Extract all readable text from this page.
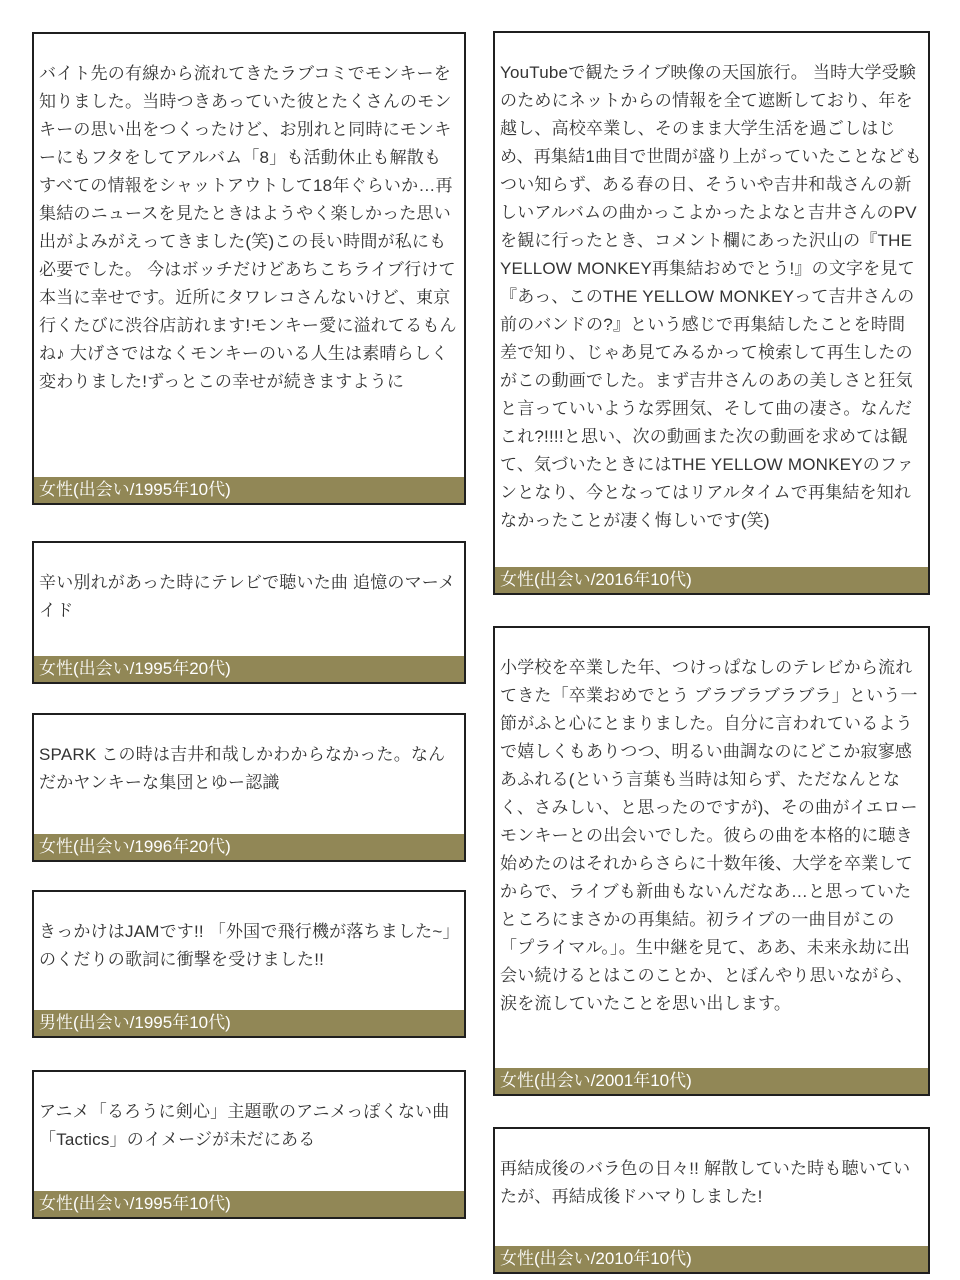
バイト先の有線から流れてきたラブコミでモンキーを知りました。当時つきあっていた彼とたくさんのモンキーの思い出をつくったけど、お別れと同時にモンキーにもフタをしてアルバム「8」も活動休止も解散もすべての情報をシャットアウトして18年ぐらいか…再集結のニュースを見たときはようやく楽しかった思い出がよみがえってきました(笑)この長い時間が私にも必要でした。 今はボッチだけどあちこちライブ行けて本当に幸せです。近所にタワレコさんないけど、東京行くたびに渋谷店訪れます!モンキー愛に溢れてるもんね♪ 大げさではなくモンキーのいる人生は素晴らしく変わりました!ずっとこの幸せが続きますように

女性(出会い/1995年10代)

辛い別れがあった時にテレビで聴いた曲 追憶のマーメイド

女性(出会い/1995年20代)

SPARK この時は吉井和哉しかわからなかった。なんだかヤンキーな集団とゆー認識

女性(出会い/1996年20代)

きっかけはJAMです!! 「外国で飛行機が落ちました~」のくだりの歌詞に衝撃を受けました!!

男性(出会い/1995年10代)

アニメ「るろうに剣心」主題歌のアニメっぽくない曲「Tactics」のイメージが未だにある

女性(出会い/1995年10代)

YouTubeで観たライブ映像の天国旅行。 当時大学受験のためにネットからの情報を全て遮断しており、年を越し、高校卒業し、そのまま大学生活を過ごしはじめ、再集結1曲目で世間が盛り上がっていたことなどもつい知らず、ある春の日、そういや吉井和哉さんの新しいアルバムの曲かっこよかったよなと吉井さんのPVを観に行ったとき、コメント欄にあった沢山の『THE YELLOW MONKEY再集結おめでとう!』の文字を見て『あっ、このTHE YELLOW MONKEYって吉井さんの前のバンドの?』という感じで再集結したことを時間差で知り、じゃあ見てみるかって検索して再生したのがこの動画でした。まず吉井さんのあの美しさと狂気と言っていいような雰囲気、そして曲の凄さ。なんだこれ?!!!!と思い、次の動画また次の動画を求めては観て、気づいたときにはTHE YELLOW MONKEYのファンとなり、今となってはリアルタイムで再集結を知れなかったことが凄く悔しいです(笑)

女性(出会い/2016年10代)

小学校を卒業した年、つけっぱなしのテレビから流れてきた「卒業おめでとう ブラブラブラブラ」という一節がふと心にとまりました。自分に言われているようで嬉しくもありつつ、明るい曲調なのにどこか寂寥感あふれる(という言葉も当時は知らず、ただなんとなく、さみしい、と思ったのですが)、その曲がイエローモンキーとの出会いでした。彼らの曲を本格的に聴き始めたのはそれからさらに十数年後、大学を卒業してからで、ライブも新曲もないんだなあ…と思っていたところにまさかの再集結。初ライブの一曲目がこの「プライマル。」。生中継を見て、ああ、未来永劫に出会い続けるとはこのことか、とぼんやり思いながら、涙を流していたことを思い出します。

女性(出会い/2001年10代)

再結成後のバラ色の日々!! 解散していた時も聴いていたが、再結成後ドハマりしました!

女性(出会い/2010年10代)
